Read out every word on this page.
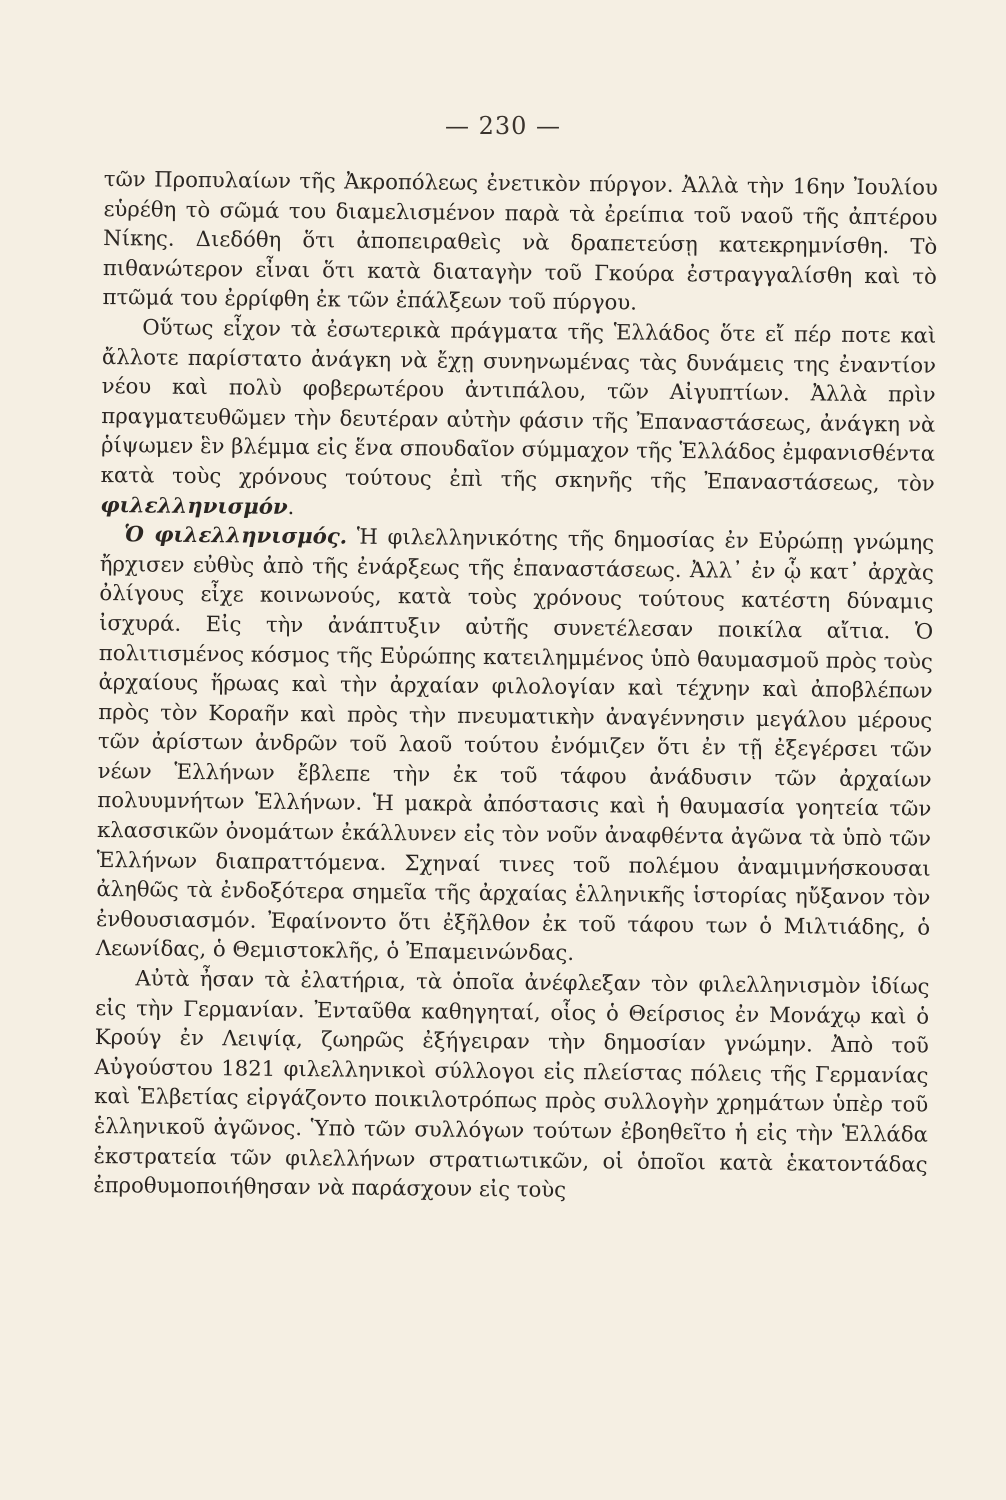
— 230 —

τῶν Προπυλαίων τῆς Ἀκροπόλεως ἐνετικὸν πύργον. Ἀλλὰ τὴν 16ην Ἰουλίου εὑρέθη τὸ σῶμά του διαμελισμένον παρὰ τὰ ἐρείπια τοῦ ναοῦ τῆς ἀπτέρου Νίκης. Διεδόθη ὅτι ἀποπειραθεὶς νὰ δραπετεύσῃ κατεκρημνίσθη. Τὸ πιθανώτερον εἶναι ὅτι κατὰ διαταγὴν τοῦ Γκούρα ἐστραγγαλίσθη καὶ τὸ πτῶμά του ἐρρίφθη ἐκ τῶν ἐπάλξεων τοῦ πύργου.

Οὕτως εἶχον τὰ ἐσωτερικὰ πράγματα τῆς Ἑλλάδος ὅτε εἴ πέρ ποτε καὶ ἄλλοτε παρίστατο ἀνάγκη νὰ ἔχῃ συνηνωμένας τὰς δυνάμεις της ἐναντίον νέου καὶ πολὺ φοβερωτέρου ἀντιπάλου, τῶν Αἰγυπτίων. Ἀλλὰ πρὶν πραγματευθῶμεν τὴν δευτέραν αὐτὴν φάσιν τῆς Ἐπαναστάσεως, ἀνάγκη νὰ ῥίψωμεν ἓν βλέμμα εἰς ἕνα σπουδαῖον σύμμαχον τῆς Ἑλλάδος ἐμφανισθέντα κατὰ τοὺς χρόνους τούτους ἐπὶ τῆς σκηνῆς τῆς Ἐπαναστάσεως, τὸν φιλελληνισμόν.

Ὁ φιλελληνισμός. Ἡ φιλελληνικότης τῆς δημοσίας ἐν Εὐρώπῃ γνώμης ἤρχισεν εὐθὺς ἀπὸ τῆς ἐνάρξεως τῆς ἐπαναστάσεως. Ἀλλ᾽ ἐν ᾧ κατ᾽ ἀρχὰς ὀλίγους εἶχε κοινωνούς, κατὰ τοὺς χρόνους τούτους κατέστη δύναμις ἰσχυρά. Εἰς τὴν ἀνάπτυξιν αὐτῆς συνετέλεσαν ποικίλα αἴτια. Ὁ πολιτισμένος κόσμος τῆς Εὐρώπης κατειλημμένος ὑπὸ θαυμασμοῦ πρὸς τοὺς ἀρχαίους ἥρωας καὶ τὴν ἀρχαίαν φιλολογίαν καὶ τέχνην καὶ ἀποβλέπων πρὸς τὸν Κοραῆν καὶ πρὸς τὴν πνευματικὴν ἀναγέννησιν μεγάλου μέρους τῶν ἀρίστων ἀνδρῶν τοῦ λαοῦ τούτου ἐνόμιζεν ὅτι ἐν τῇ ἐξεγέρσει τῶν νέων Ἑλλήνων ἔβλεπε τὴν ἐκ τοῦ τάφου ἀνάδυσιν τῶν ἀρχαίων πολυυμνήτων Ἑλλήνων. Ἡ μακρὰ ἀπόστασις καὶ ἡ θαυμασία γοητεία τῶν κλασσικῶν ὀνομάτων ἐκάλλυνεν εἰς τὸν νοῦν ἀναφθέντα ἀγῶνα τὰ ὑπὸ τῶν Ἑλλήνων διαπραττόμενα. Σχηναί τινες τοῦ πολέμου ἀναμιμνήσκουσαι ἀληθῶς τὰ ἐνδοξότερα σημεῖα τῆς ἀρχαίας ἑλληνικῆς ἱστορίας ηὔξανον τὸν ἐνθουσιασμόν. Ἐφαίνοντο ὅτι ἐξῆλθον ἐκ τοῦ τάφου των ὁ Μιλτιάδης, ὁ Λεωνίδας, ὁ Θεμιστοκλῆς, ὁ Ἐπαμεινώνδας.

Αὐτὰ ἦσαν τὰ ἐλατήρια, τὰ ὁποῖα ἀνέφλεξαν τὸν φιλελληνισμὸν ἰδίως εἰς τὴν Γερμανίαν. Ἐνταῦθα καθηγηταί, οἷος ὁ Θείρσιος ἐν Μονάχῳ καὶ ὁ Κρούγ ἐν Λειψίᾳ, ζωηρῶς ἐξήγειραν τὴν δημοσίαν γνώμην. Ἀπὸ τοῦ Αὐγούστου 1821 φιλελληνικοὶ σύλλογοι εἰς πλείστας πόλεις τῆς Γερμανίας καὶ Ἑλβετίας εἰργάζοντο ποικιλοτρόπως πρὸς συλλογὴν χρημάτων ὑπὲρ τοῦ ἑλληνικοῦ ἀγῶνος. Ὑπὸ τῶν συλλόγων τούτων ἐβοηθεῖτο ἡ εἰς τὴν Ἑλλάδα ἐκστρατεία τῶν φιλελλήνων στρατιωτικῶν, οἱ ὁποῖοι κατὰ ἑκατοντάδας ἐπροθυμοποιήθησαν νὰ παράσχουν εἰς τοὺς
